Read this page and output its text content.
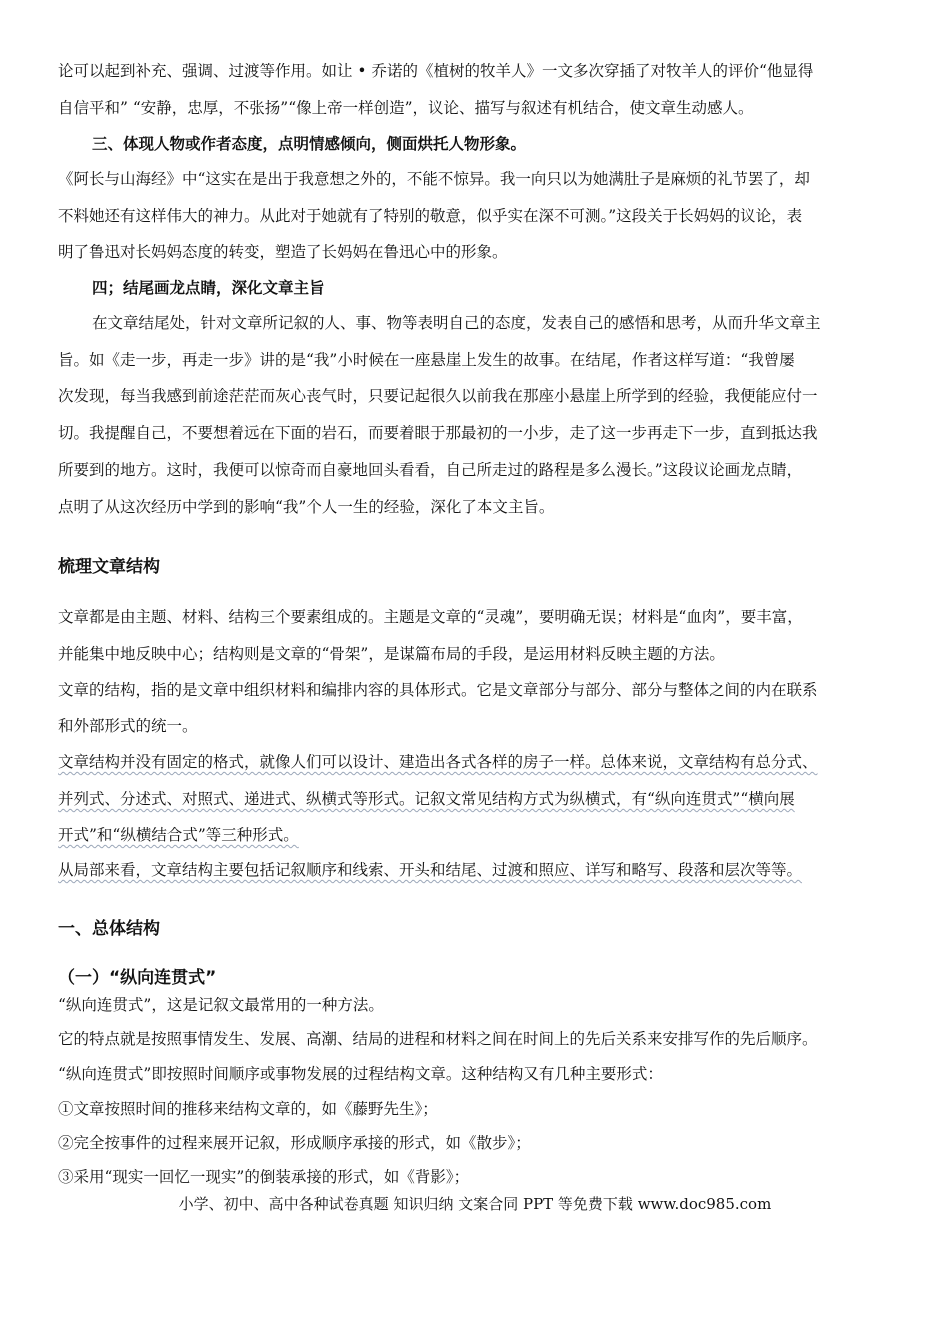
论可以起到补充、强调、过渡等作用。如让 • 乔诺的《植树的牧羊人》一文多次穿插了对牧羊人的评价“他显得
自信平和” “安静，忠厚，不张扬”“像上帝一样创造”，议论、描写与叙述有机结合，使文章生动感人。
三、体现人物或作者态度，点明情感倾向，侧面烘托人物形象。
《阿长与山海经》中“这实在是出于我意想之外的，不能不惊异。我一向只以为她满肚子是麻烦的礼节罢了，却
不料她还有这样伟大的神力。从此对于她就有了特别的敬意，似乎实在深不可测。”这段关于长妈妈的议论，表
明了鲁迅对长妈妈态度的转变，塑造了长妈妈在鲁迅心中的形象。
四；结尾画龙点睛，深化文章主旨
在文章结尾处，针对文章所记叙的人、事、物等表明自己的态度，发表自己的感悟和思考，从而升华文章主
旨。如《走一步，再走一步》讲的是“我”小时候在一座悬崖上发生的故事。在结尾，作者这样写道：“我曾屡
次发现，每当我感到前途茫茫而灰心丧气时，只要记起很久以前我在那座小悬崖上所学到的经验，我便能应付一
切。我提醒自己，不要想着远在下面的岩石，而要着眼于那最初的一小步，走了这一步再走下一步，直到抵达我
所要到的地方。这时，我便可以惊奇而自豪地回头看看，自己所走过的路程是多么漫长。”这段议论画龙点睛，
点明了从这次经历中学到的影响“我”个人一生的经验，深化了本文主旨。
梳理文章结构
文章都是由主题、材料、结构三个要素组成的。主题是文章的“灵魂”，要明确无误；材料是“血肉”，要丰富，
并能集中地反映中心；结构则是文章的“骨架”，是谋篇布局的手段，是运用材料反映主题的方法。
文章的结构，指的是文章中组织材料和编排内容的具体形式。它是文章部分与部分、部分与整体之间的内在联系
和外部形式的统一。
文章结构并没有固定的格式，就像人们可以设计、建造出各式各样的房子一样。总体来说，文章结构有总分式、
并列式、分述式、对照式、递进式、纵横式等形式。记叙文常见结构方式为纵横式，有“纵向连贯式”“横向展
开式”和“纵横结合式”等三种形式。
从局部来看，文章结构主要包括记叙顺序和线索、开头和结尾、过渡和照应、详写和略写、段落和层次等等。
一、总体结构
（一）“纵向连贯式”
“纵向连贯式”，这是记叙文最常用的一种方法。
它的特点就是按照事情发生、发展、高潮、结局的进程和材料之间在时间上的先后关系来安排写作的先后顺序。
“纵向连贯式”即按照时间顺序或事物发展的过程结构文章。这种结构又有几种主要形式：
①文章按照时间的推移来结构文章的，如《藤野先生》；
②完全按事件的过程来展开记叙，形成顺序承接的形式，如《散步》；
③采用“现实一回忆一现实”的倒装承接的形式，如《背影》；
小学、初中、高中各种试卷真题 知识归纳 文案合同 PPT 等免费下载 www.doc985.com
